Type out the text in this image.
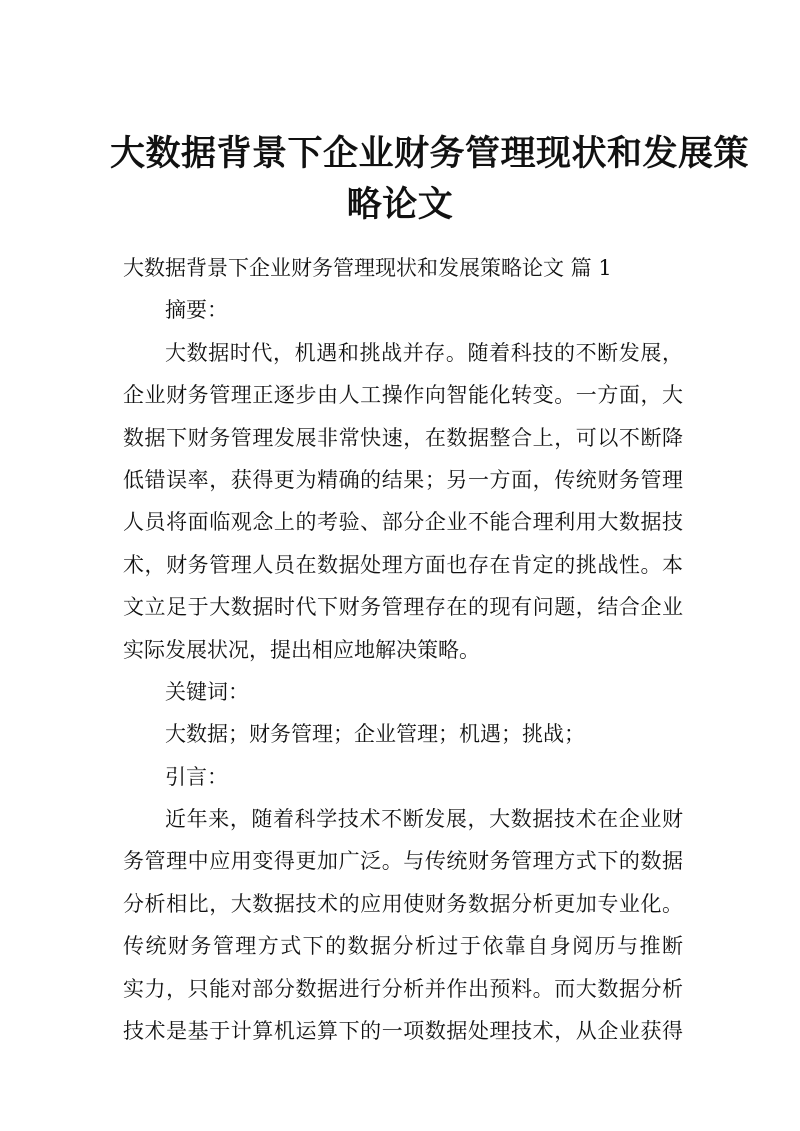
大数据背景下企业财务管理现状和发展策
略论文

大数据背景下企业财务管理现状和发展策略论文 篇 1

摘要：

大数据时代，机遇和挑战并存。随着科技的不断发展，

企业财务管理正逐步由人工操作向智能化转变。一方面，大

数据下财务管理发展非常快速，在数据整合上，可以不断降

低错误率，获得更为精确的结果；另一方面，传统财务管理

人员将面临观念上的考验、部分企业不能合理利用大数据技

术，财务管理人员在数据处理方面也存在肯定的挑战性。本

文立足于大数据时代下财务管理存在的现有问题，结合企业

实际发展状况，提出相应地解决策略。

关键词：

大数据；财务管理；企业管理；机遇；挑战；

引言：

近年来，随着科学技术不断发展，大数据技术在企业财

务管理中应用变得更加广泛。与传统财务管理方式下的数据

分析相比，大数据技术的应用使财务数据分析更加专业化。

传统财务管理方式下的数据分析过于依靠自身阅历与推断

实力，只能对部分数据进行分析并作出预料。而大数据分析

技术是基于计算机运算下的一项数据处理技术，从企业获得
